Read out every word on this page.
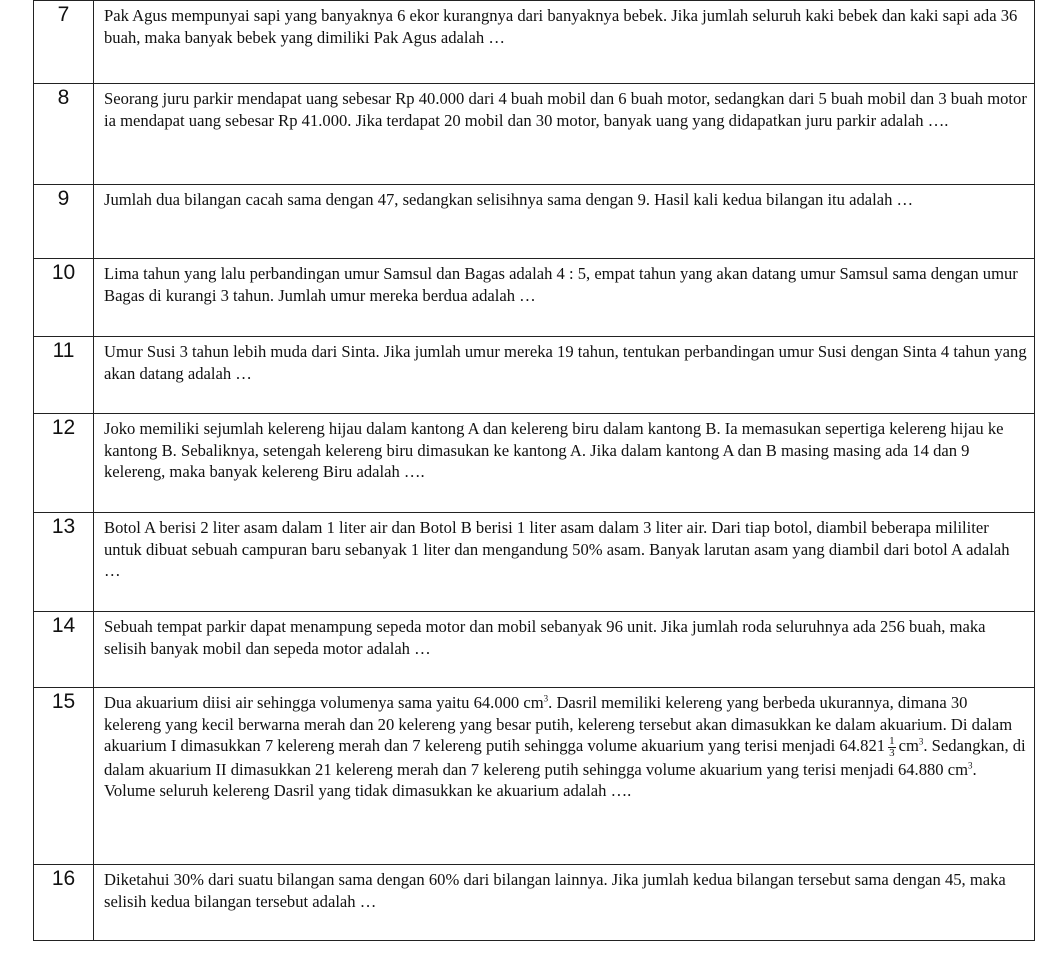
7	Pak Agus mempunyai sapi yang banyaknya 6 ekor kurangnya dari banyaknya bebek. Jika jumlah seluruh kaki bebek dan kaki sapi ada 36 buah, maka banyak bebek yang dimiliki Pak Agus adalah …

8	Seorang juru parkir mendapat uang sebesar Rp 40.000 dari 4 buah mobil dan 6 buah motor, sedangkan dari 5 buah mobil dan 3 buah motor ia mendapat uang sebesar Rp 41.000. Jika terdapat 20 mobil dan 30 motor, banyak uang yang didapatkan juru parkir adalah ….

9	Jumlah dua bilangan cacah sama dengan 47, sedangkan selisihnya sama dengan 9. Hasil kali kedua bilangan itu adalah …

10	Lima tahun yang lalu perbandingan umur Samsul dan Bagas adalah 4 : 5, empat tahun yang akan datang umur Samsul sama dengan umur Bagas di kurangi 3 tahun. Jumlah umur mereka berdua adalah …

11	Umur Susi 3 tahun lebih muda dari Sinta. Jika jumlah umur mereka 19 tahun, tentukan perbandingan umur Susi dengan Sinta 4 tahun yang akan datang adalah …

12	Joko memiliki sejumlah kelereng hijau dalam kantong A dan kelereng biru dalam kantong B. Ia memasukan sepertiga kelereng hijau ke kantong B. Sebaliknya, setengah kelereng biru dimasukan ke kantong A. Jika dalam kantong A dan B masing masing ada 14 dan 9 kelereng, maka banyak kelereng Biru adalah ….

13	Botol A berisi 2 liter asam dalam 1 liter air dan Botol B berisi 1 liter asam dalam 3 liter air. Dari tiap botol, diambil beberapa mililiter untuk dibuat sebuah campuran baru sebanyak 1 liter dan mengandung 50% asam. Banyak larutan asam yang diambil dari botol A adalah …

14	Sebuah tempat parkir dapat menampung sepeda motor dan mobil sebanyak 96 unit. Jika jumlah roda seluruhnya ada 256 buah, maka selisih banyak mobil dan sepeda motor adalah …

15	Dua akuarium diisi air sehingga volumenya sama yaitu 64.000 $cm^3$. Dasril memiliki kelereng yang berbeda ukurannya, dimana 30 kelereng yang kecil berwarna merah dan 20 kelereng yang besar putih, kelereng tersebut akan dimasukkan ke dalam akuarium. Di dalam akuarium I dimasukkan 7 kelereng merah dan 7 kelereng putih sehingga volume akuarium yang terisi menjadi $64.821 \frac{1}{3} cm^3$. Sedangkan, di dalam akuarium II dimasukkan 21 kelereng merah dan 7 kelereng putih sehingga volume akuarium yang terisi menjadi 64.880 $cm^3$. Volume seluruh kelereng Dasril yang tidak dimasukkan ke akuarium adalah ….

16	Diketahui 30% dari suatu bilangan sama dengan 60% dari bilangan lainnya. Jika jumlah kedua bilangan tersebut sama dengan 45, maka selisih kedua bilangan tersebut adalah …
